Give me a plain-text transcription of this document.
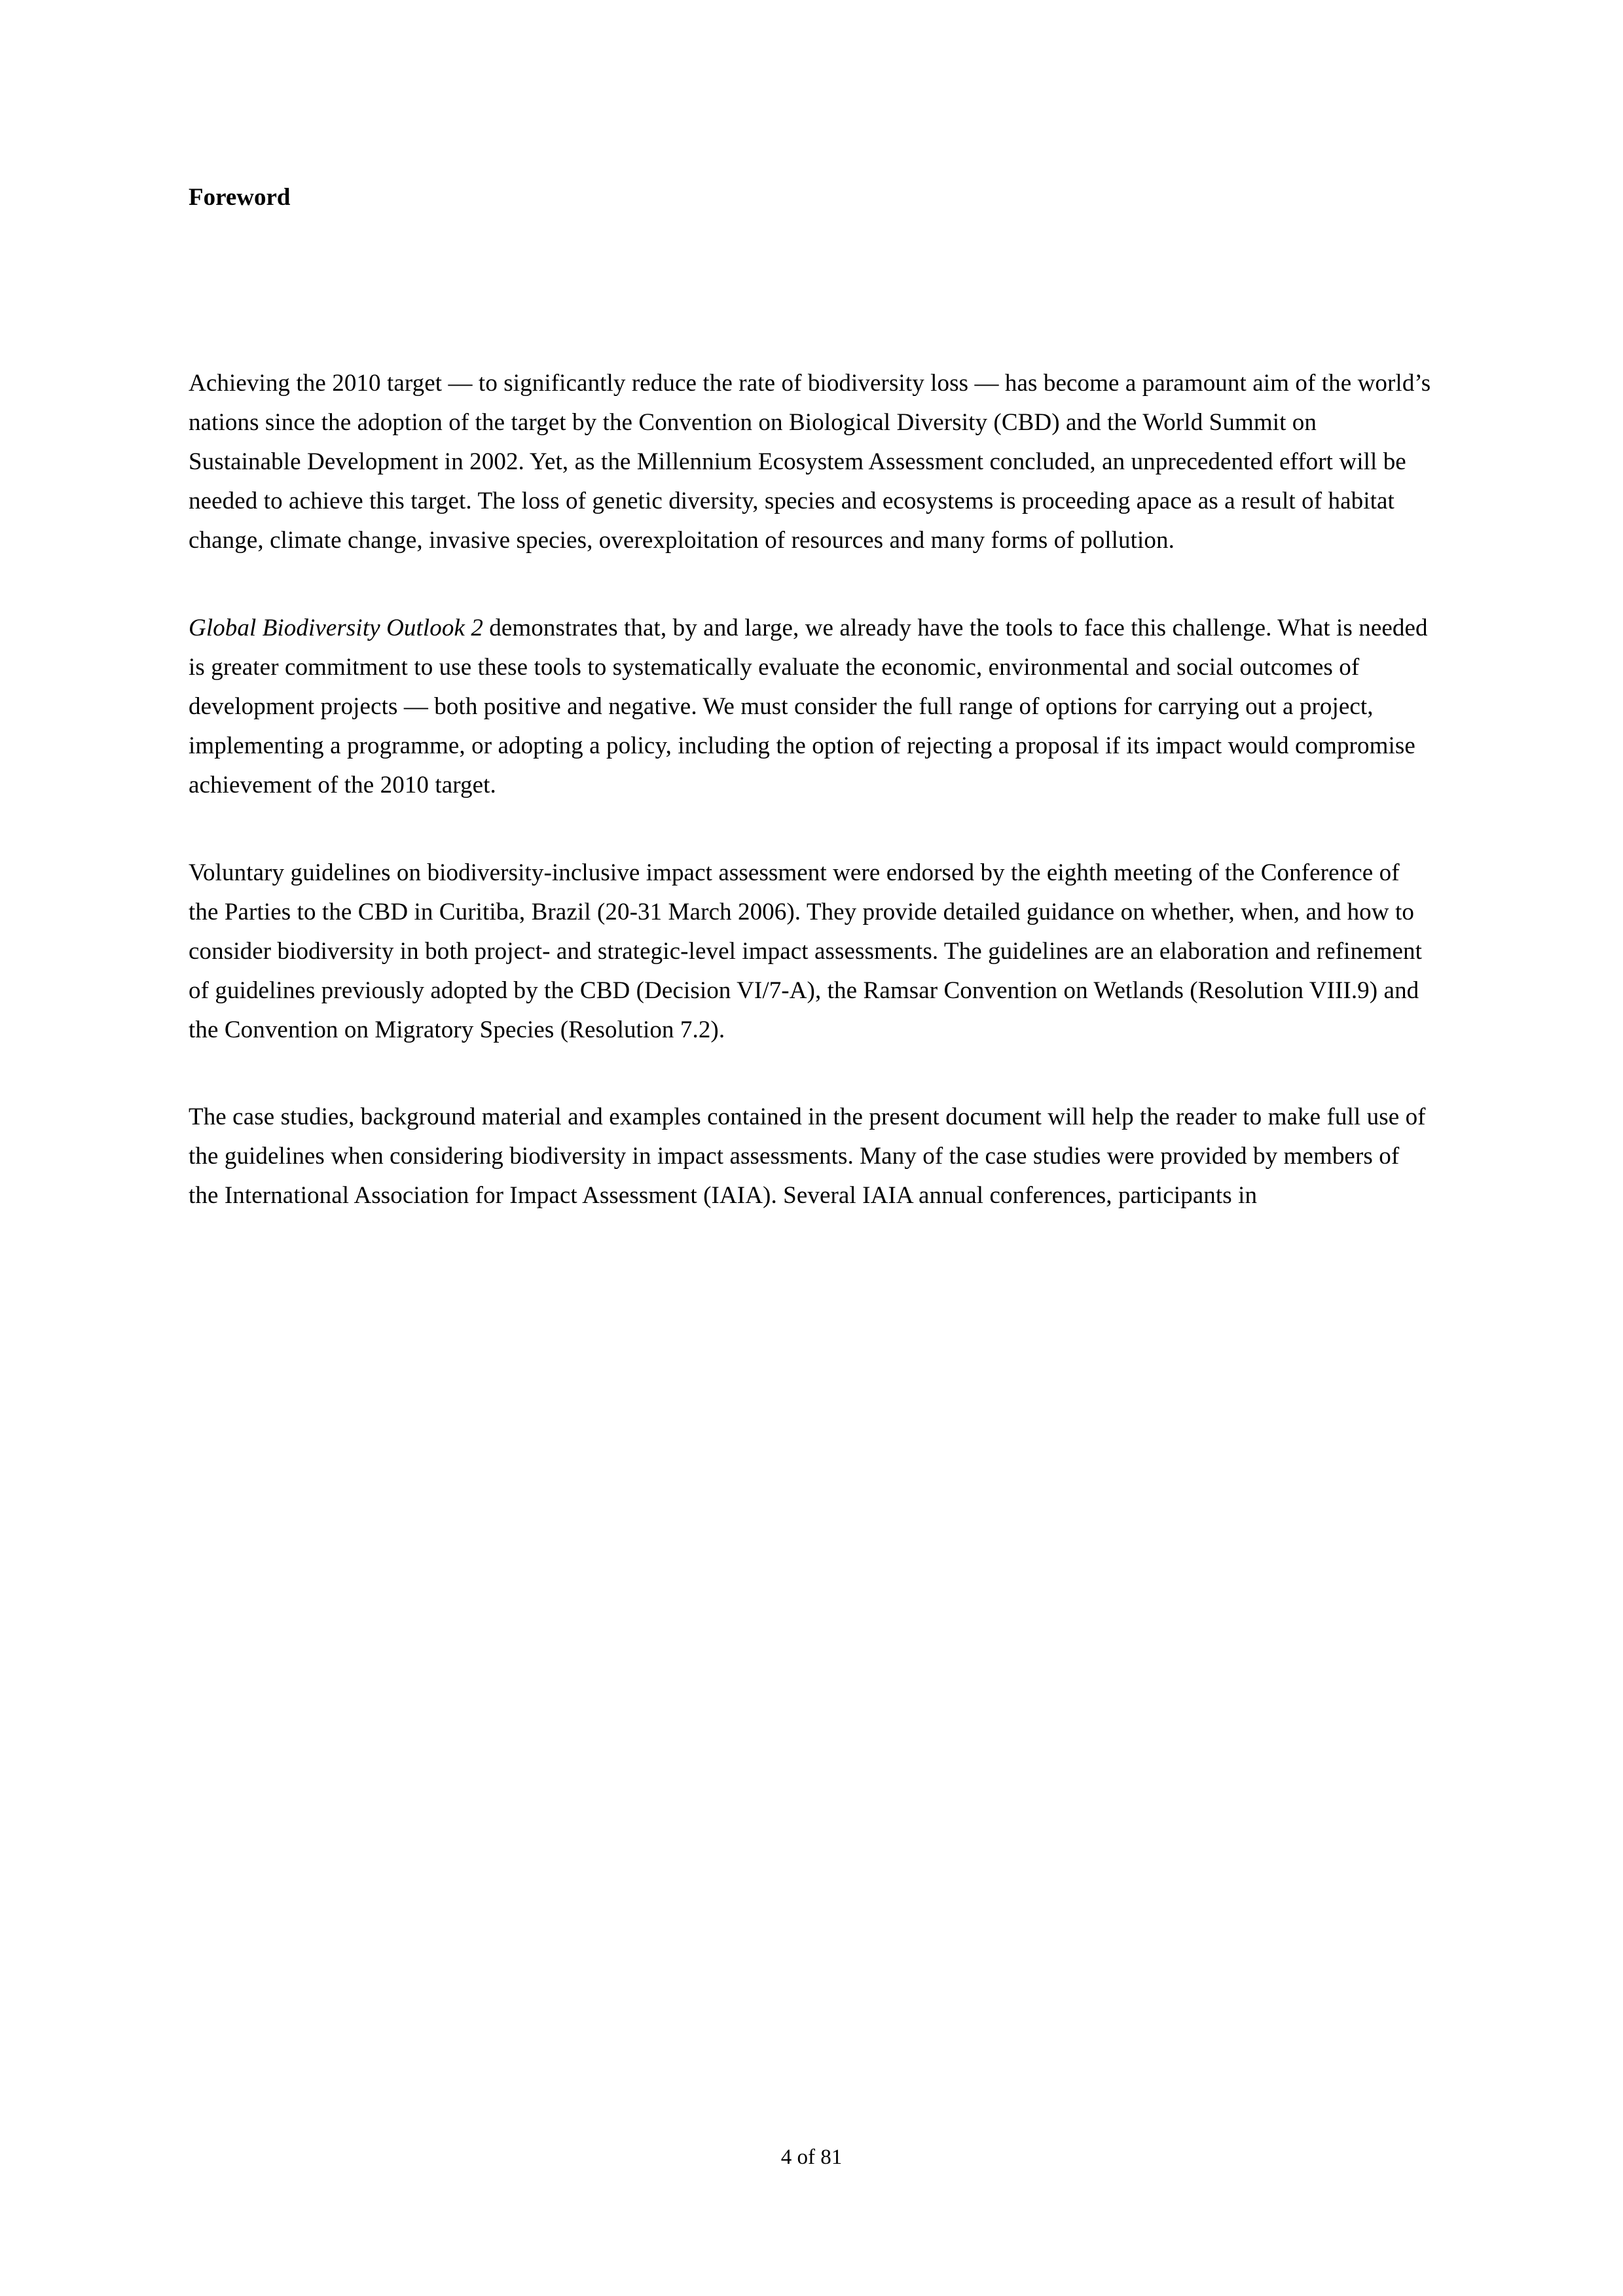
Foreword

Achieving the 2010 target — to significantly reduce the rate of biodiversity loss — has become a paramount aim of the world’s nations since the adoption of the target by the Convention on Biological Diversity (CBD) and the World Summit on Sustainable Development in 2002. Yet, as the Millennium Ecosystem Assessment concluded, an unprecedented effort will be needed to achieve this target. The loss of genetic diversity, species and ecosystems is proceeding apace as a result of habitat change, climate change, invasive species, overexploitation of resources and many forms of pollution.

Global Biodiversity Outlook 2 demonstrates that, by and large, we already have the tools to face this challenge. What is needed is greater commitment to use these tools to systematically evaluate the economic, environmental and social outcomes of development projects — both positive and negative. We must consider the full range of options for carrying out a project, implementing a programme, or adopting a policy, including the option of rejecting a proposal if its impact would compromise achievement of the 2010 target.

Voluntary guidelines on biodiversity-inclusive impact assessment were endorsed by the eighth meeting of the Conference of the Parties to the CBD in Curitiba, Brazil (20-31 March 2006). They provide detailed guidance on whether, when, and how to consider biodiversity in both project- and strategic-level impact assessments. The guidelines are an elaboration and refinement of guidelines previously adopted by the CBD (Decision VI/7-A), the Ramsar Convention on Wetlands (Resolution VIII.9) and the Convention on Migratory Species (Resolution 7.2).

The case studies, background material and examples contained in the present document will help the reader to make full use of the guidelines when considering biodiversity in impact assessments. Many of the case studies were provided by members of the International Association for Impact Assessment (IAIA). Several IAIA annual conferences, participants in

4 of 81
